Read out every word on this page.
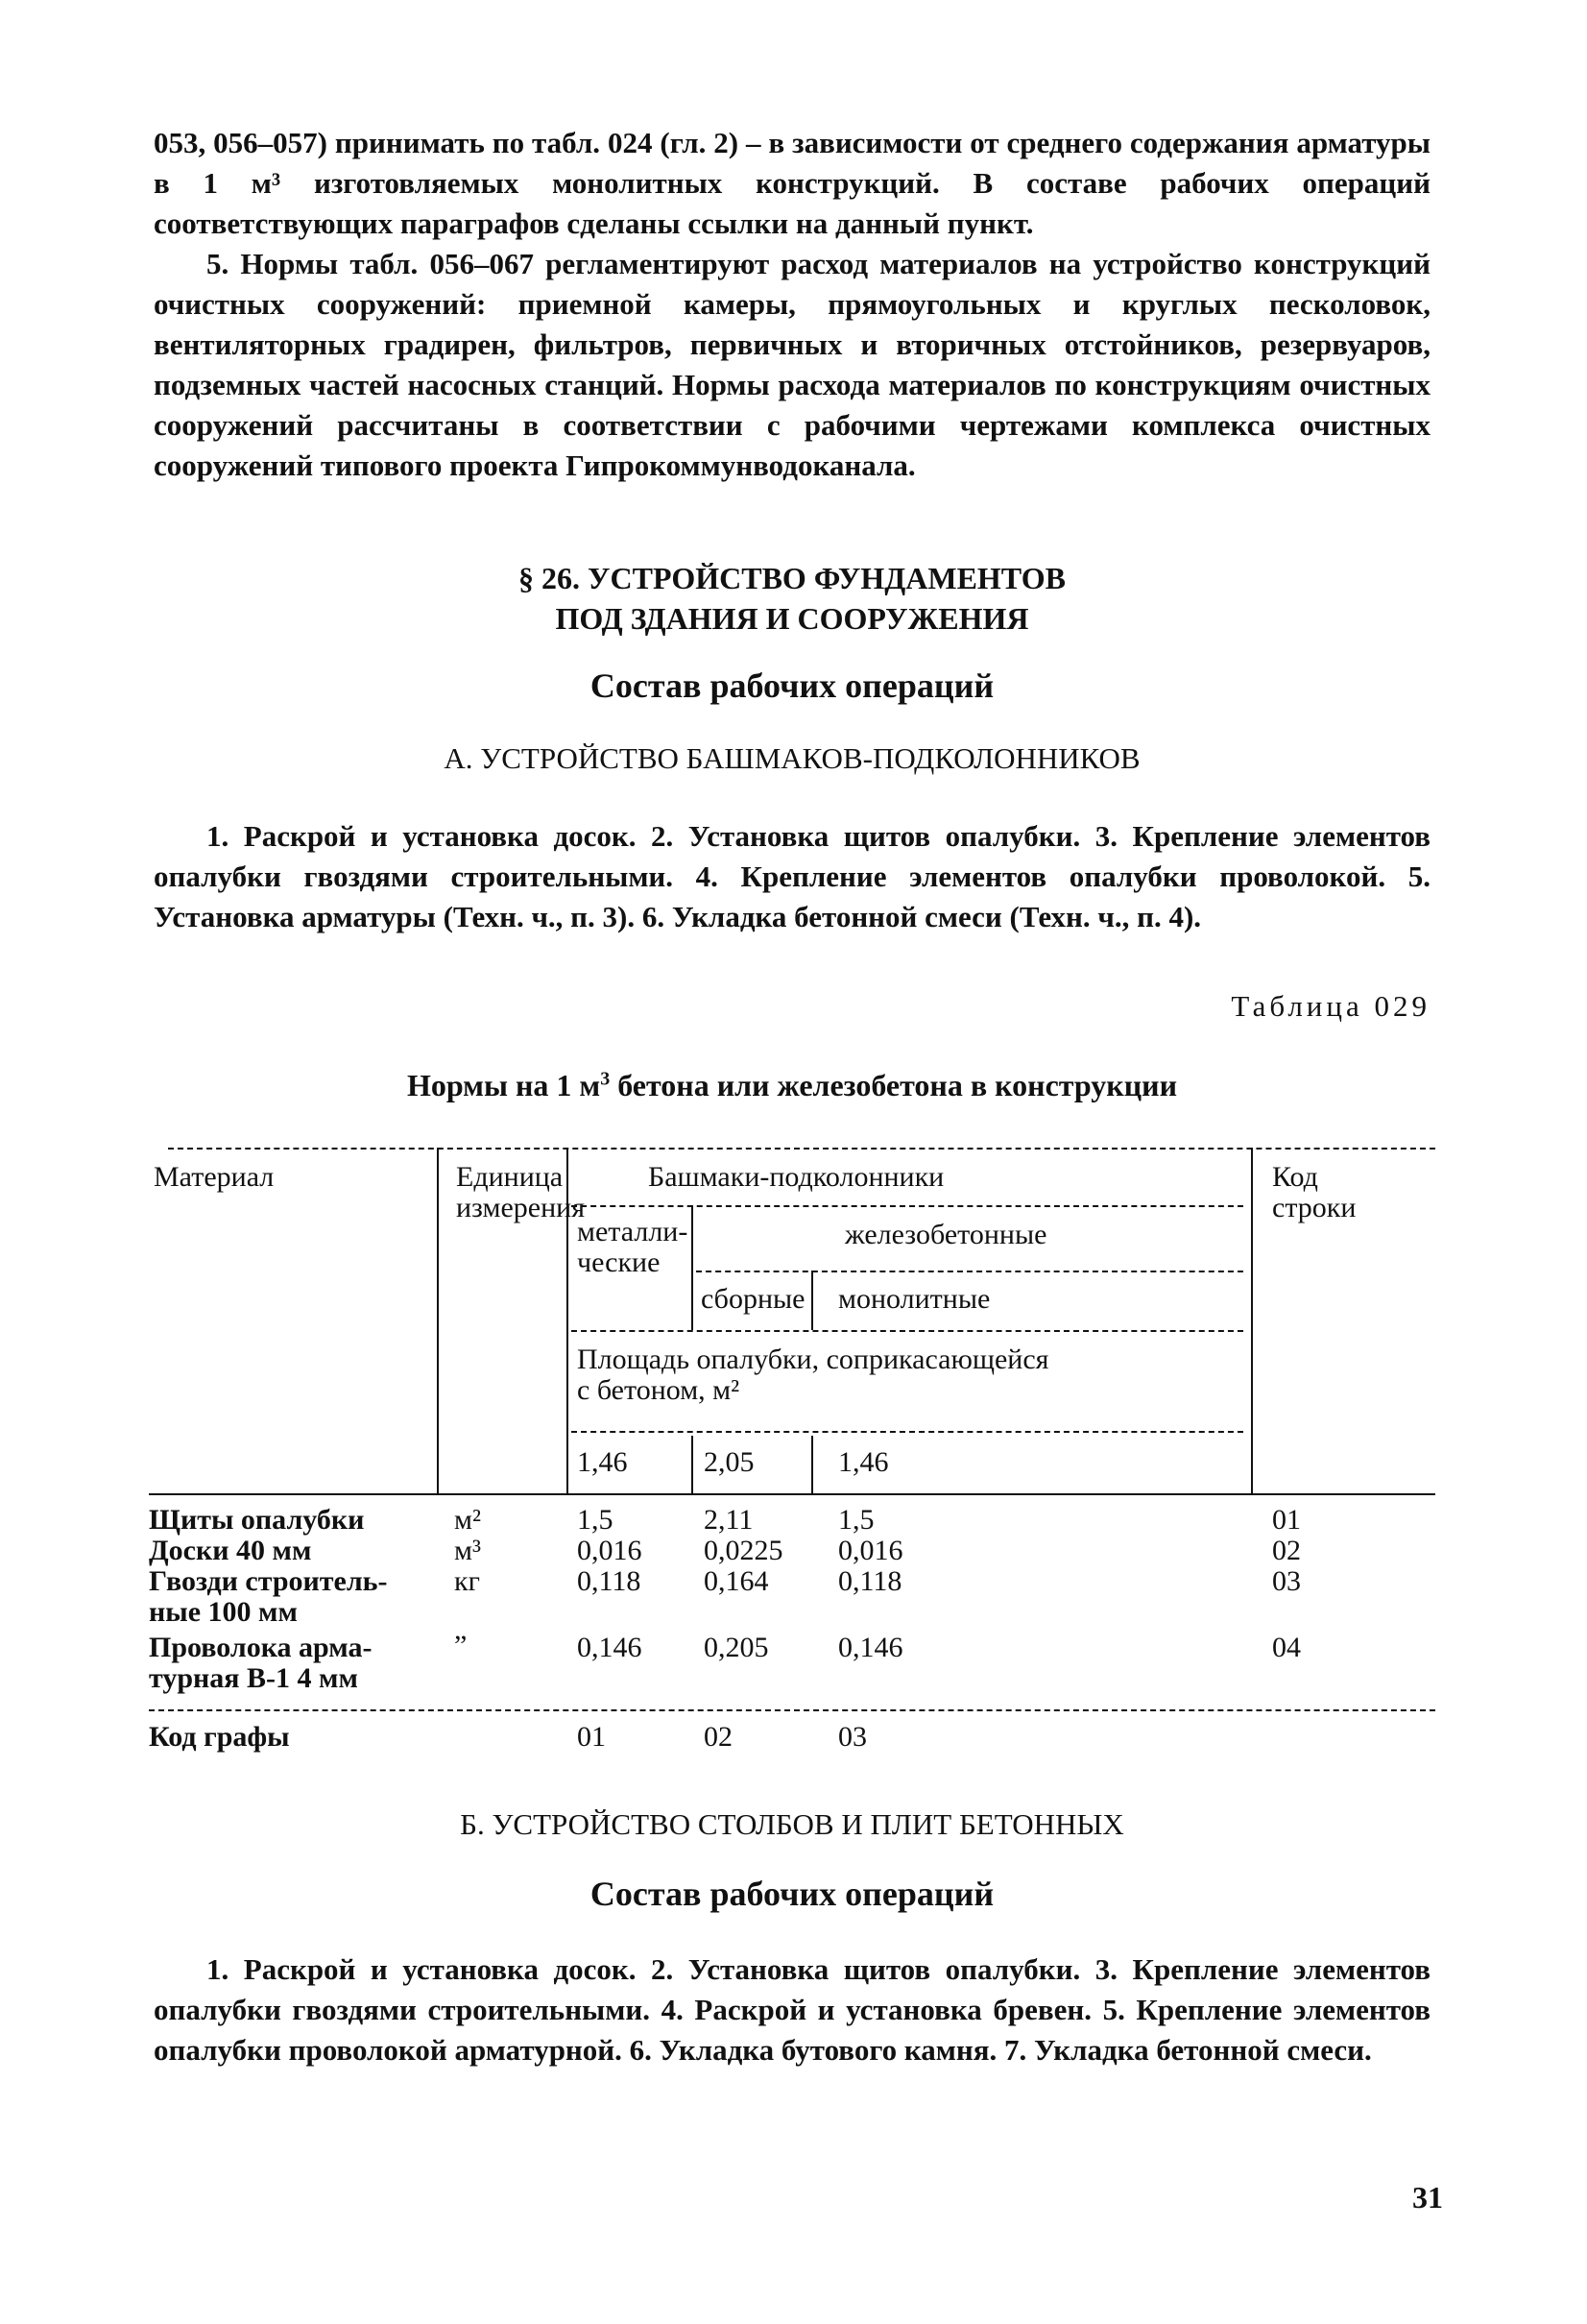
053, 056–057) принимать по табл. 024 (гл. 2) – в зависимости от среднего содержания арматуры в 1 м³ изготовляемых монолитных конструкций. В составе рабочих операций соответствующих параграфов сделаны ссылки на данный пункт.
5. Нормы табл. 056–067 регламентируют расход материалов на устройство конструкций очистных сооружений: приемной камеры, прямоугольных и круглых песколовок, вентиляторных градирен, фильтров, первичных и вторичных отстойников, резервуаров, подземных частей насосных станций. Нормы расхода материалов по конструкциям очистных сооружений рассчитаны в соответствии с рабочими чертежами комплекса очистных сооружений типового проекта Гипрокоммунводоканала.
§ 26. УСТРОЙСТВО ФУНДАМЕНТОВ
ПОД ЗДАНИЯ И СООРУЖЕНИЯ
Состав рабочих операций
А. УСТРОЙСТВО БАШМАКОВ-ПОДКОЛОННИКОВ
1. Раскрой и установка досок. 2. Установка щитов опалубки. 3. Крепление элементов опалубки гвоздями строительными. 4. Крепление элементов опалубки проволокой. 5. Установка арматуры (Техн. ч., п. 3). 6. Укладка бетонной смеси (Техн. ч., п. 4).
Таблица 029
Нормы на 1 $м^3$ бетона или железобетона в конструкции
Материал	Единица
измерения
Башмаки-подколонники	Код
строки
металли-
ческие
железобетонные
сборные монолитные
Площадь опалубки, соприкасающейся
с бетоном, м²
1,46	2,05	1,46
Щиты опалубки	м²	1,5	2,11	1,5	01
Доски 40 мм	м³	0,016 0,0225 0,016	02
Гвозди строитель-
ные 100 мм
кг	0,118 0,164 0,118	03
Проволока арма-
турная В-1 4 мм
”	0,146 0,205 0,146	04
Код графы	01	02	03
Б. УСТРОЙСТВО СТОЛБОВ И ПЛИТ БЕТОННЫХ
Состав рабочих операций
1. Раскрой и установка досок. 2. Установка щитов опалубки. 3. Крепление элементов опалубки гвоздями строительными. 4. Раскрой и установка бревен. 5. Крепление элементов опалубки проволокой арматурной. 6. Укладка бутового камня. 7. Укладка бетонной смеси.
31
